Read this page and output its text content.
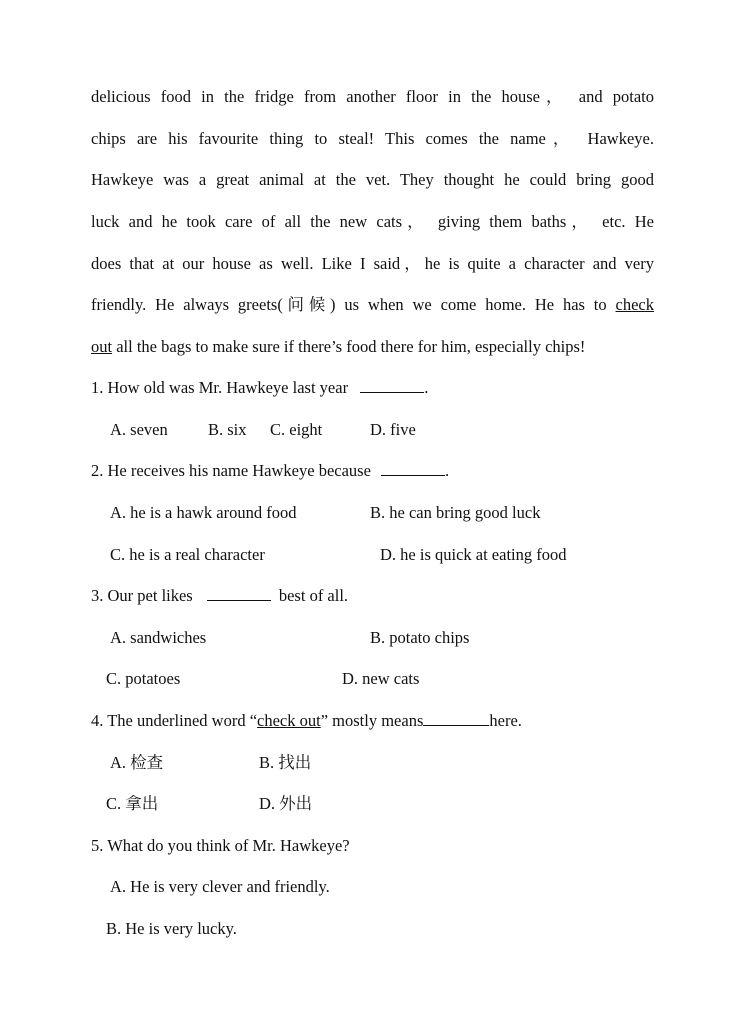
delicious food in the fridge from another floor in the house， and potato
chips are his favourite thing to steal! This comes the name， Hawkeye.
Hawkeye was a great animal at the vet. They thought he could bring good
luck and he took care of all the new cats， giving them baths， etc. He
does that at our house as well. Like I said，he is quite a character and very
friendly. He always greets(问候) us when we come home. He has to check
out all the bags to make sure if there’s food there for him, especially chips!
1. How old was Mr. Hawkeye last year	.
A. seven B. six C. eight	D. five
2. He receives his name Hawkeye because	.
A. he is a hawk around food	B. he can bring good luck
C. he is a real character	D. he is quick at eating food
3. Our pet likes	best of all.
A. sandwiches	B. potato chips
C. potatoes	D. new cats
4. The underlined word “check out” mostly means	here.
A. 检查	B. 找出
C. 拿出	D. 外出
5. What do you think of Mr. Hawkeye?
A. He is very clever and friendly.
B. He is very lucky.
